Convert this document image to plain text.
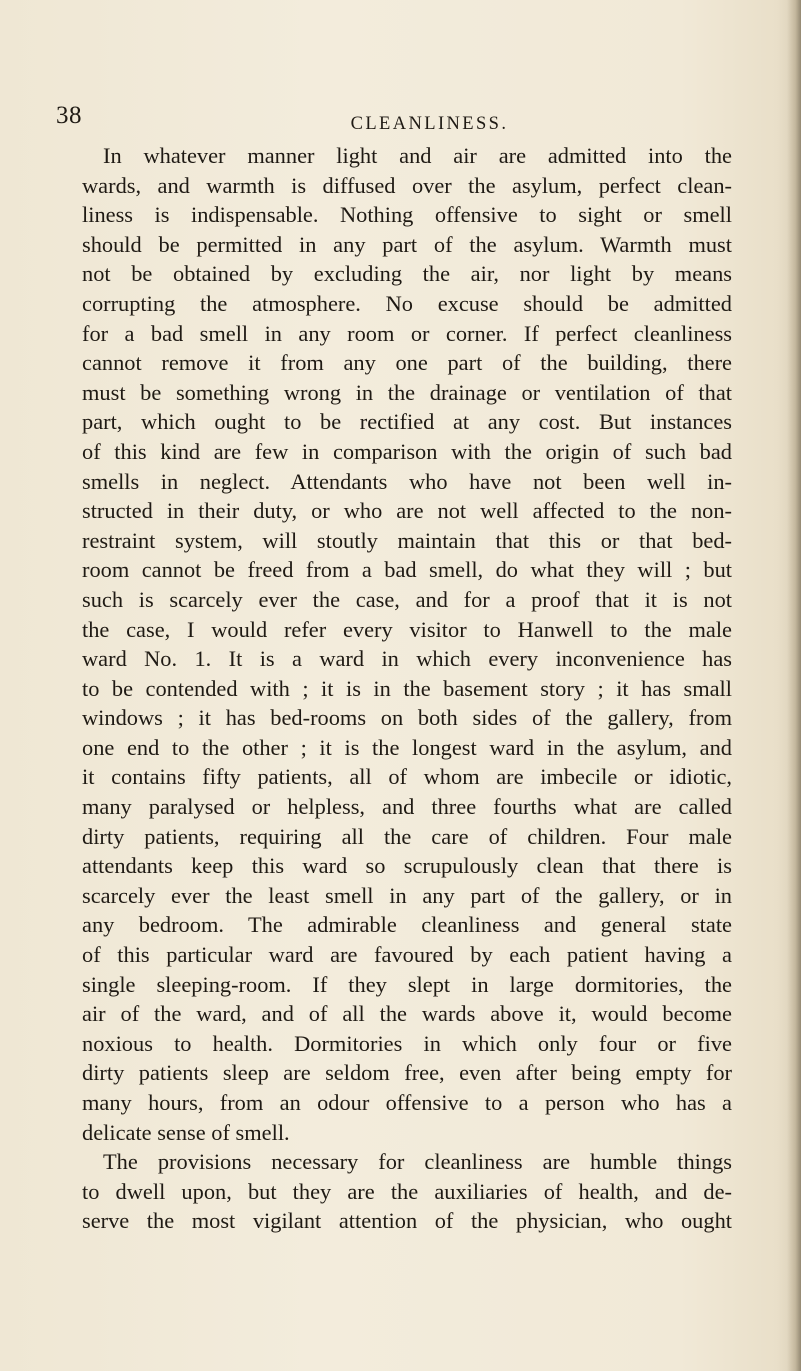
38	CLEANLINESS.
In whatever manner light and air are admitted into the
wards, and warmth is diffused over the asylum, perfect clean-
liness is indispensable. Nothing offensive to sight or smell
should be permitted in any part of the asylum. Warmth must
not be obtained by excluding the air, nor light by means
corrupting the atmosphere. No excuse should be admitted
for a bad smell in any room or corner. If perfect cleanliness
cannot remove it from any one part of the building, there
must be something wrong in the drainage or ventilation of that
part, which ought to be rectified at any cost. But instances
of this kind are few in comparison with the origin of such bad
smells in neglect. Attendants who have not been well in-
structed in their duty, or who are not well affected to the non-
restraint system, will stoutly maintain that this or that bed-
room cannot be freed from a bad smell, do what they will ; but
such is scarcely ever the case, and for a proof that it is not
the case, I would refer every visitor to Hanwell to the male
ward No. 1. It is a ward in which every inconvenience has
to be contended with ; it is in the basement story ; it has small
windows ; it has bed-rooms on both sides of the gallery, from
one end to the other ; it is the longest ward in the asylum, and
it contains fifty patients, all of whom are imbecile or idiotic,
many paralysed or helpless, and three fourths what are called
dirty patients, requiring all the care of children. Four male
attendants keep this ward so scrupulously clean that there is
scarcely ever the least smell in any part of the gallery, or in
any bedroom. The admirable cleanliness and general state
of this particular ward are favoured by each patient having a
single sleeping-room. If they slept in large dormitories, the
air of the ward, and of all the wards above it, would become
noxious to health. Dormitories in which only four or five
dirty patients sleep are seldom free, even after being empty for
many hours, from an odour offensive to a person who has a
delicate sense of smell.
The provisions necessary for cleanliness are humble things
to dwell upon, but they are the auxiliaries of health, and de-
serve the most vigilant attention of the physician, who ought
